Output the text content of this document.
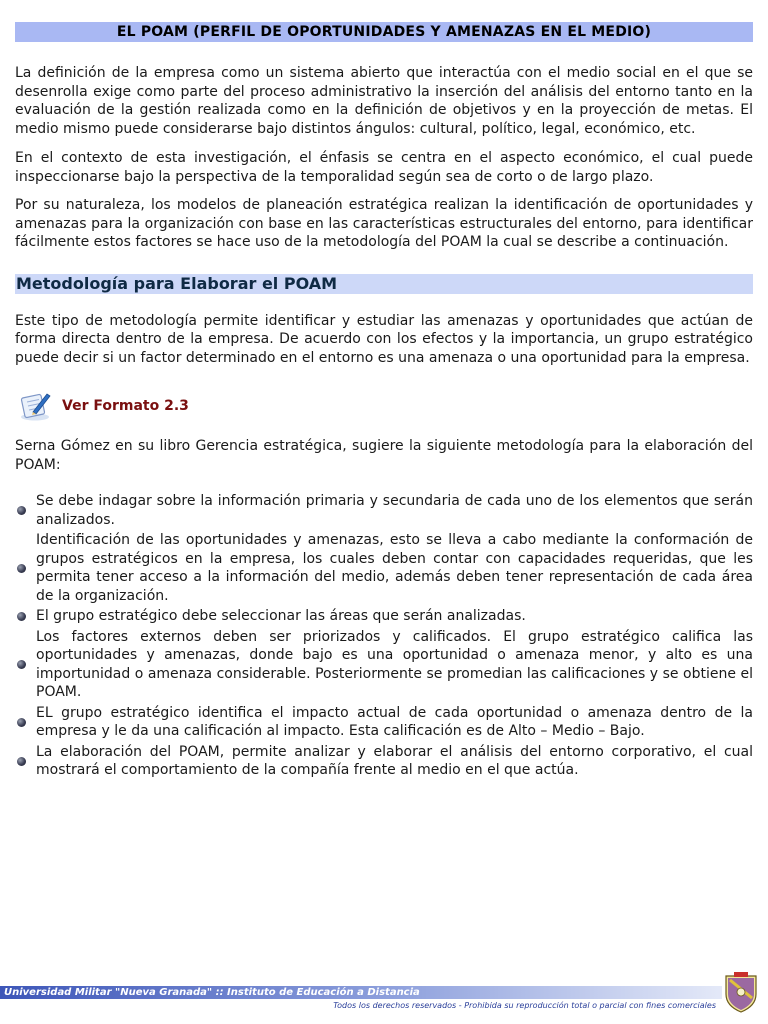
EL POAM (PERFIL DE OPORTUNIDADES Y AMENAZAS EN EL MEDIO)

La definición de la empresa como un sistema abierto que interactúa con el medio social en el que se desenrolla exige como parte del proceso administrativo la inserción del análisis del entorno tanto en la evaluación de la gestión realizada como en la definición de objetivos y en la proyección de metas. El medio mismo puede considerarse bajo distintos ángulos: cultural, político, legal, económico, etc.

En el contexto de esta investigación, el énfasis se centra en el aspecto económico, el cual puede inspeccionarse bajo la perspectiva de la temporalidad según sea de corto o de largo plazo.

Por su naturaleza, los modelos de planeación estratégica realizan la identificación de oportunidades y amenazas para la organización con base en las características estructurales del entorno, para identificar fácilmente estos factores se hace uso de la metodología del POAM la cual se describe a continuación.

Metodología para Elaborar el POAM

Este tipo de metodología permite identificar y estudiar las amenazas y oportunidades que actúan de forma directa dentro de la empresa. De acuerdo con los efectos y la importancia, un grupo estratégico puede decir si un factor determinado en el entorno es una amenaza o una oportunidad para la empresa.

Ver Formato 2.3

Serna Gómez en su libro Gerencia estratégica, sugiere la siguiente metodología para la elaboración del POAM:

Se debe indagar sobre la información primaria y secundaria de cada uno de los elementos que serán analizados.
Identificación de las oportunidades y amenazas, esto se lleva a cabo mediante la conformación de grupos estratégicos en la empresa, los cuales deben contar con capacidades requeridas, que les permita tener acceso a la información del medio, además deben tener representación de cada área de la organización.
El grupo estratégico debe seleccionar las áreas que serán analizadas.
Los factores externos deben ser priorizados y calificados. El grupo estratégico califica las oportunidades y amenazas, donde bajo es una oportunidad o amenaza menor, y alto es una importunidad o amenaza considerable. Posteriormente se promedian las calificaciones y se obtiene el POAM.
EL grupo estratégico identifica el impacto actual de cada oportunidad o amenaza dentro de la empresa y le da una calificación al impacto. Esta calificación es de Alto – Medio – Bajo.
La elaboración del POAM, permite analizar y elaborar el análisis del entorno corporativo, el cual mostrará el comportamiento de la compañía frente al medio en el que actúa.
Universidad Militar "Nueva Granada" :: Instituto de Educación a Distancia
Todos los derechos reservados - Prohibida su reproducción total o parcial con fines comerciales
